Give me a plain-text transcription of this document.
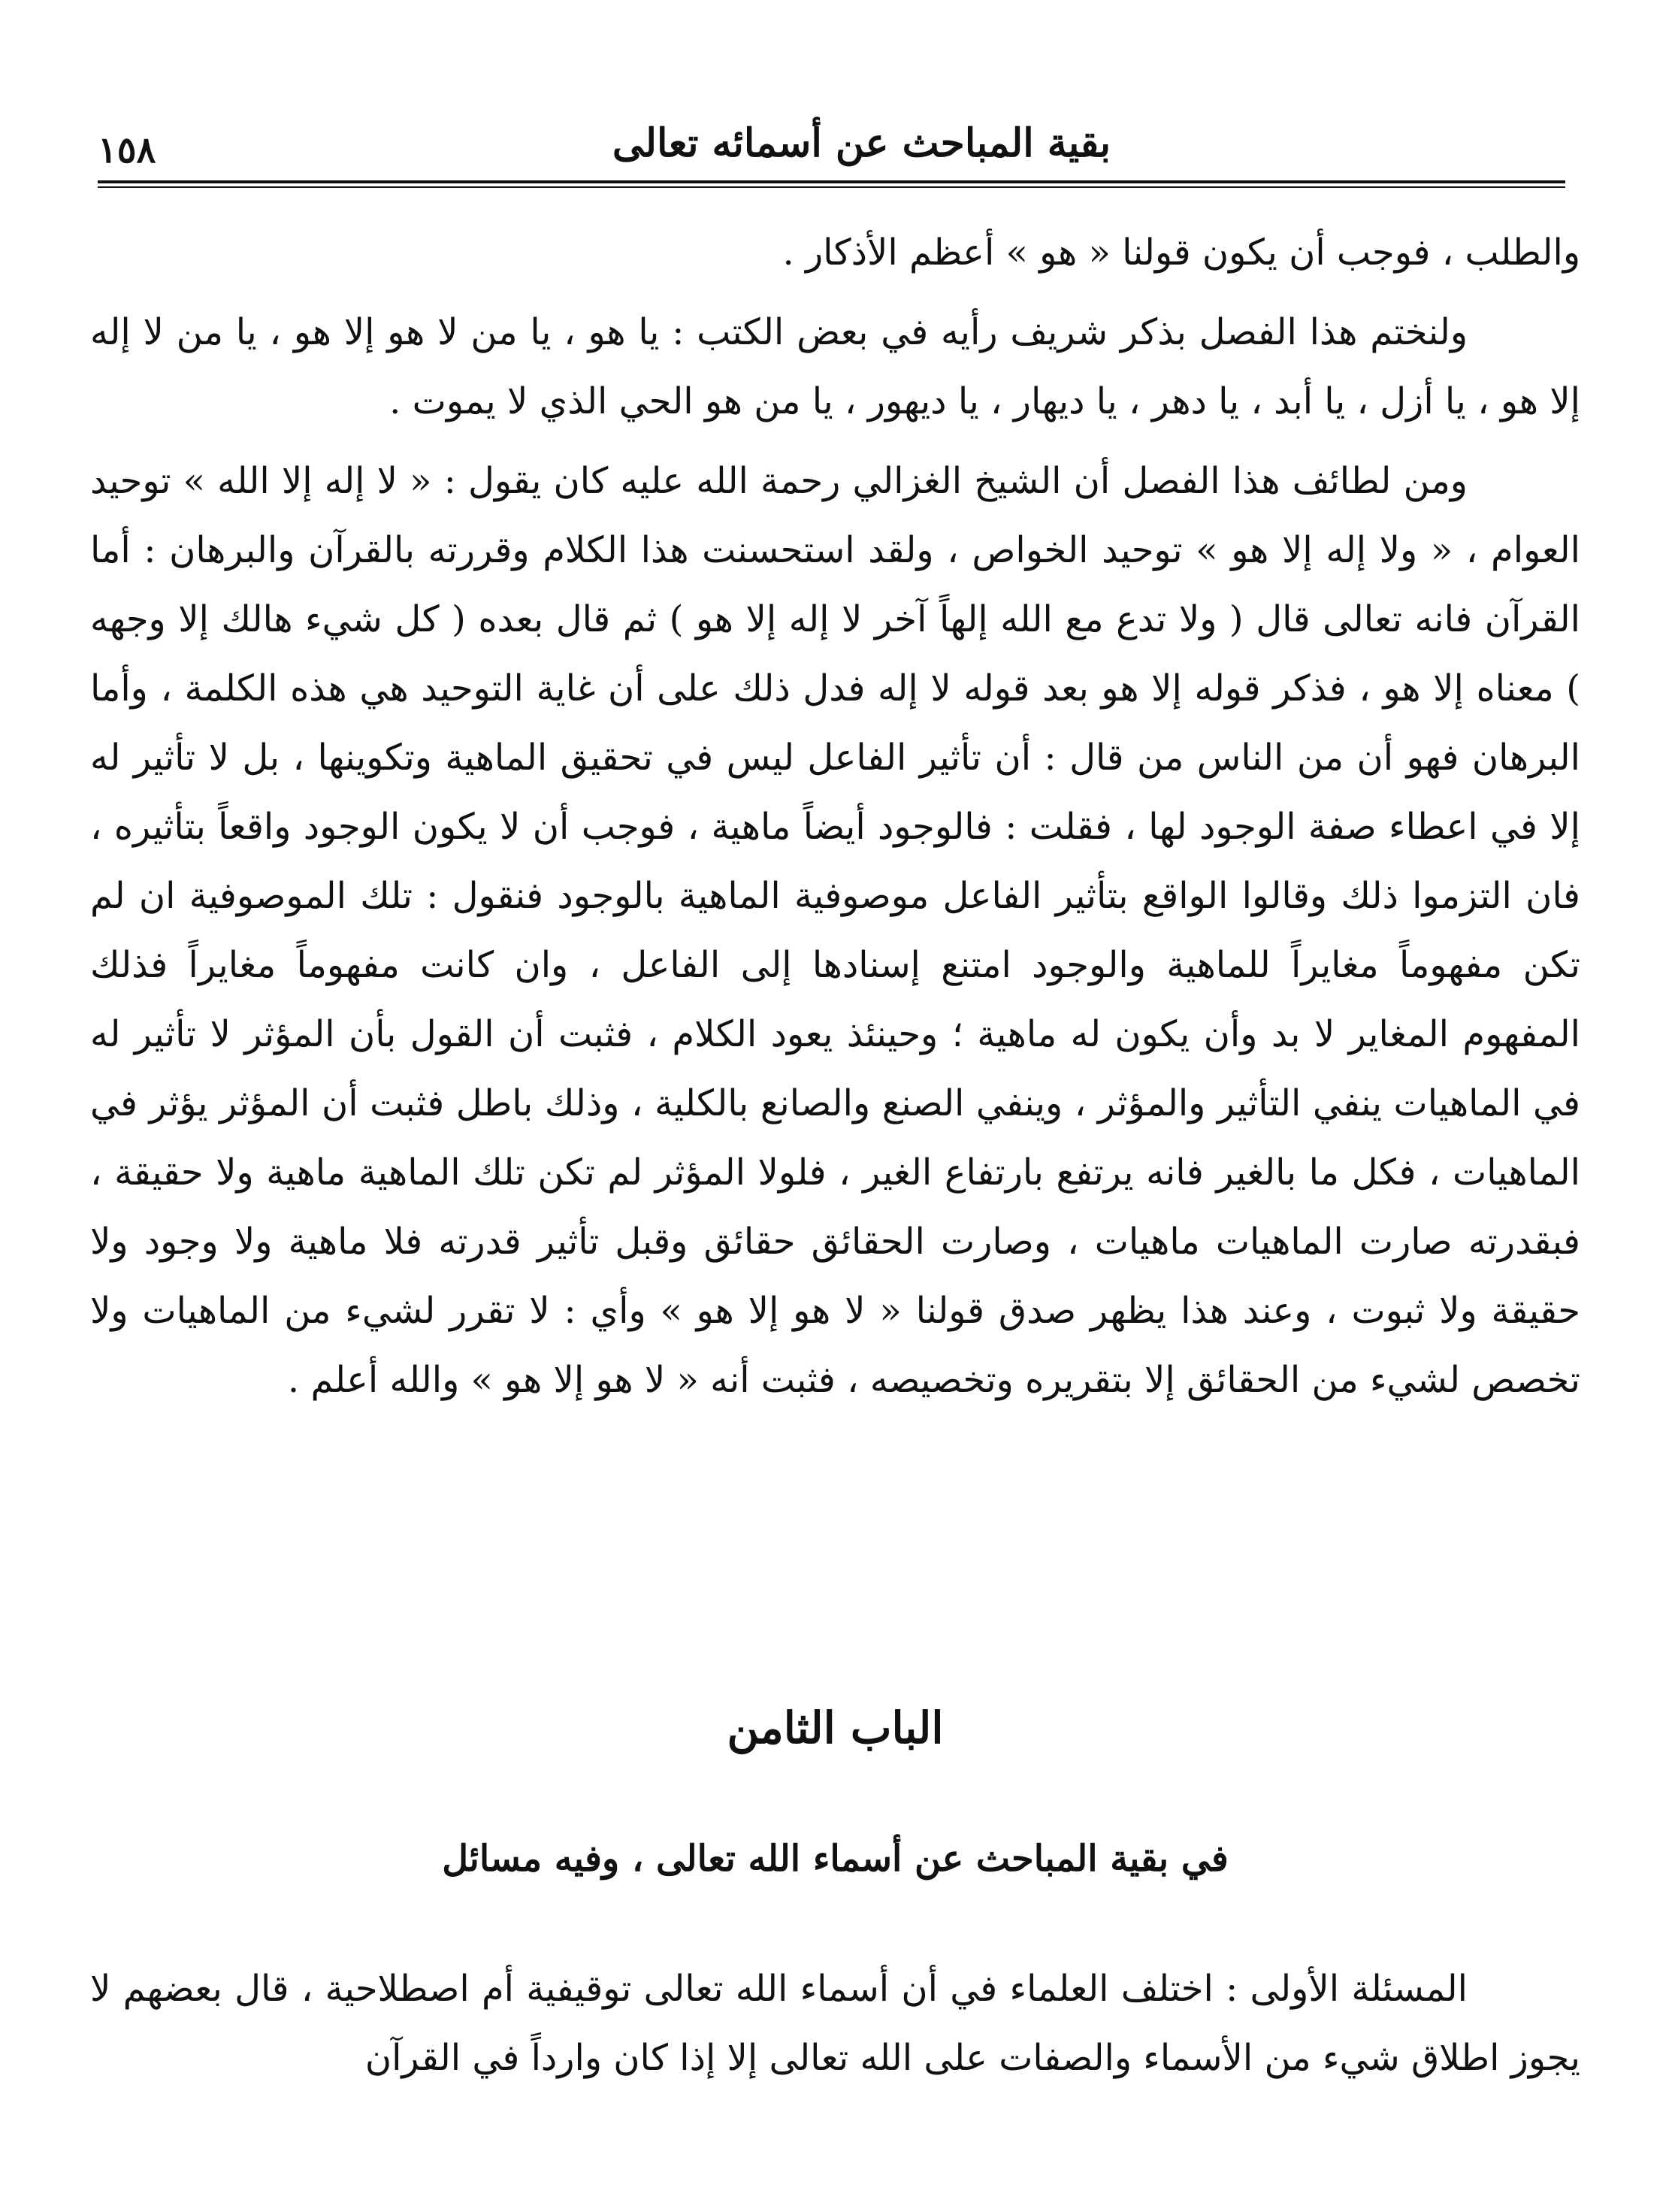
١٥٨	بقية المباحث عن أسمائه تعالى

والطلب ، فوجب أن يكون قولنا « هو » أعظم الأذكار .

ولنختم هذا الفصل بذكر شريف رأيه في بعض الكتب : يا هو ، يا من لا هو إلا هو ، يا من لا إله إلا هو ، يا أزل ، يا أبد ، يا دهر ، يا ديهار ، يا ديهور ، يا من هو الحي الذي لا يموت .

ومن لطائف هذا الفصل أن الشيخ الغزالي رحمة الله عليه كان يقول : « لا إله إلا الله » توحيد العوام ، « ولا إله إلا هو » توحيد الخواص ، ولقد استحسنت هذا الكلام وقررته بالقرآن والبرهان : أما القرآن فانه تعالى قال ( ولا تدع مع الله إلهاً آخر لا إله إلا هو ) ثم قال بعده ( كل شيء هالك إلا وجهه ) معناه إلا هو ، فذكر قوله إلا هو بعد قوله لا إله فدل ذلك على أن غاية التوحيد هي هذه الكلمة ، وأما البرهان فهو أن من الناس من قال : أن تأثير الفاعل ليس في تحقيق الماهية وتكوينها ، بل لا تأثير له إلا في اعطاء صفة الوجود لها ، فقلت : فالوجود أيضاً ماهية ، فوجب أن لا يكون الوجود واقعاً بتأثيره ، فان التزموا ذلك وقالوا الواقع بتأثير الفاعل موصوفية الماهية بالوجود فنقول : تلك الموصوفية ان لم تكن مفهوماً مغايراً للماهية والوجود امتنع إسنادها إلى الفاعل ، وان كانت مفهوماً مغايراً فذلك المفهوم المغاير لا بد وأن يكون له ماهية ؛ وحينئذ يعود الكلام ، فثبت أن القول بأن المؤثر لا تأثير له في الماهيات ينفي التأثير والمؤثر ، وينفي الصنع والصانع بالكلية ، وذلك باطل فثبت أن المؤثر يؤثر في الماهيات ، فكل ما بالغير فانه يرتفع بارتفاع الغير ، فلولا المؤثر لم تكن تلك الماهية ماهية ولا حقيقة ، فبقدرته صارت الماهيات ماهيات ، وصارت الحقائق حقائق وقبل تأثير قدرته فلا ماهية ولا وجود ولا حقيقة ولا ثبوت ، وعند هذا يظهر صدق قولنا « لا هو إلا هو » وأي : لا تقرر لشيء من الماهيات ولا تخصص لشيء من الحقائق إلا بتقريره وتخصيصه ، فثبت أنه « لا هو إلا هو » والله أعلم .

الباب الثامن
في بقية المباحث عن أسماء الله تعالى ، وفيه مسائل

المسئلة الأولى : اختلف العلماء في أن أسماء الله تعالى توقيفية أم اصطلاحية ، قال بعضهم لا يجوز اطلاق شيء من الأسماء والصفات على الله تعالى إلا إذا كان وارداً في القرآن
